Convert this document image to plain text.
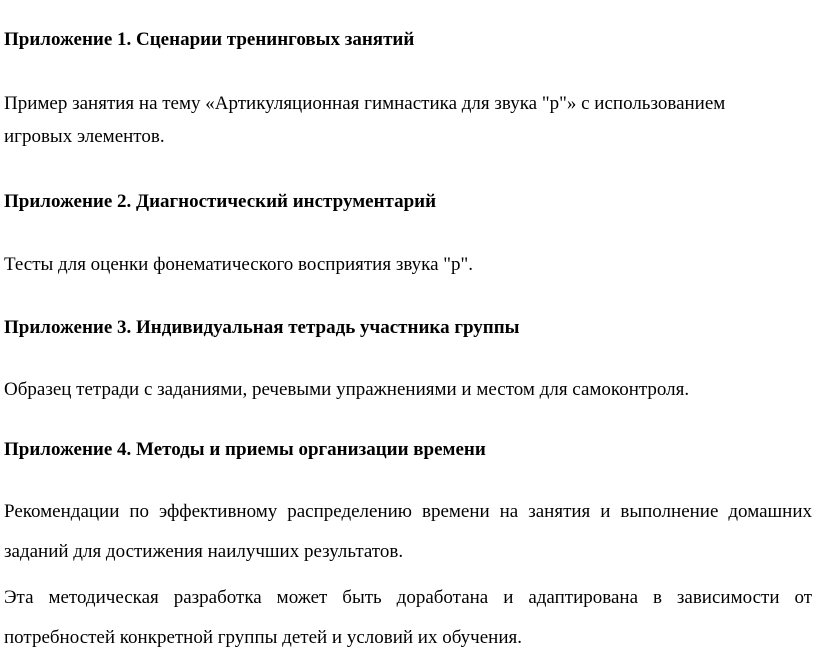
Приложение 1. Сценарии тренинговых занятий
Пример занятия на тему «Артикуляционная гимнастика для звука "р"» с использованием
игровых элементов.
Приложение 2. Диагностический инструментарий
Тесты для оценки фонематического восприятия звука "р".
Приложение 3. Индивидуальная тетрадь участника группы
Образец тетради с заданиями, речевыми упражнениями и местом для самоконтроля.
Приложение 4. Методы и приемы организации времени
Рекомендации по эффективному распределению времени на занятия и выполнение домашних заданий для достижения наилучших результатов.
Эта методическая разработка может быть доработана и адаптирована в зависимости от потребностей конкретной группы детей и условий их обучения.
